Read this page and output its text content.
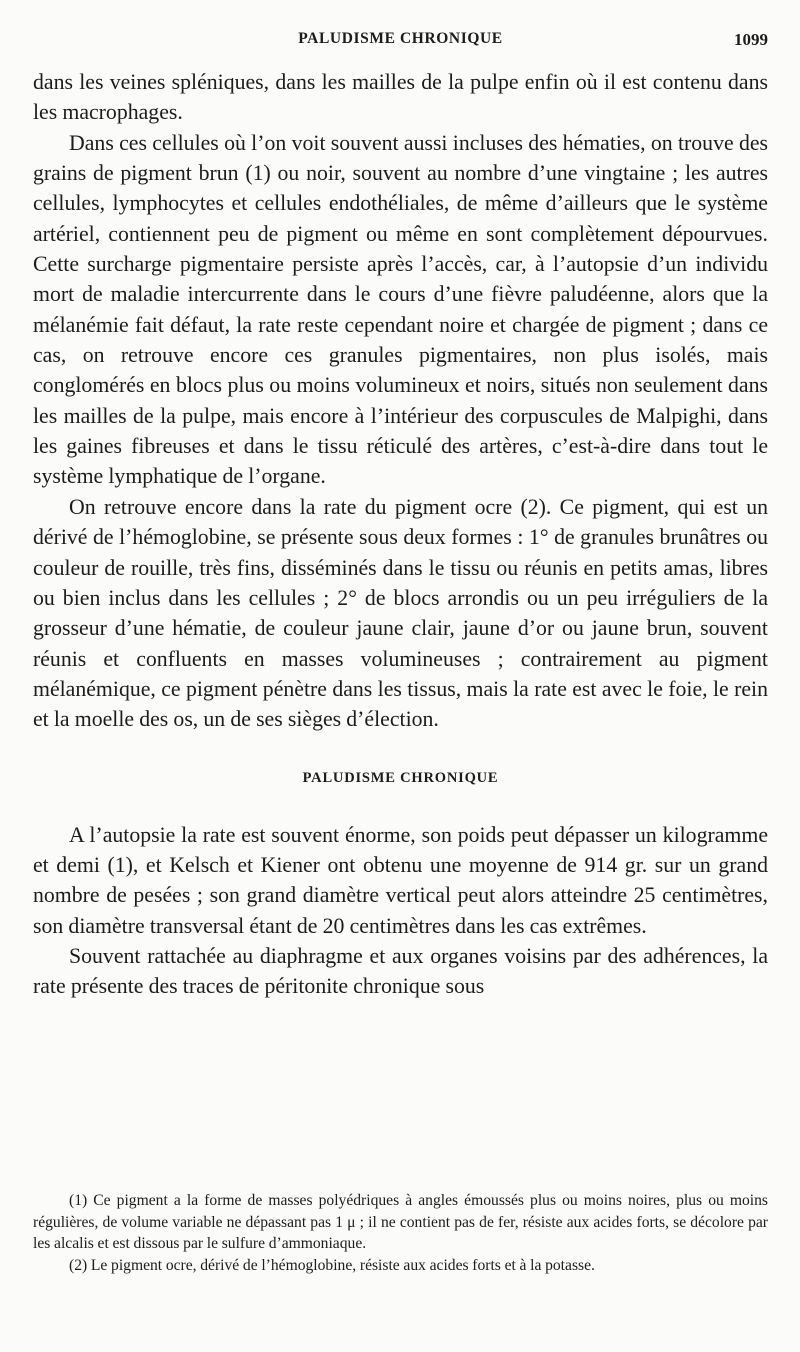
PALUDISME CHRONIQUE	1099

dans les veines spléniques, dans les mailles de la pulpe enfin où il est contenu dans les macrophages.

Dans ces cellules où l’on voit souvent aussi incluses des hématies, on trouve des grains de pigment brun (1) ou noir, souvent au nombre d’une vingtaine ; les autres cellules, lymphocytes et cellules endothéliales, de même d’ailleurs que le système artériel, contiennent peu de pigment ou même en sont complètement dépourvues. Cette surcharge pigmentaire persiste après l’accès, car, à l’autopsie d’un individu mort de maladie intercurrente dans le cours d’une fièvre paludéenne, alors que la mélanémie fait défaut, la rate reste cependant noire et chargée de pigment ; dans ce cas, on retrouve encore ces granules pigmentaires, non plus isolés, mais conglomérés en blocs plus ou moins volumineux et noirs, situés non seulement dans les mailles de la pulpe, mais encore à l’intérieur des corpuscules de Malpighi, dans les gaines fibreuses et dans le tissu réticulé des artères, c’est-à-dire dans tout le système lymphatique de l’organe.

On retrouve encore dans la rate du pigment ocre (2). Ce pigment, qui est un dérivé de l’hémoglobine, se présente sous deux formes : 1° de granules brunâtres ou couleur de rouille, très fins, disséminés dans le tissu ou réunis en petits amas, libres ou bien inclus dans les cellules ; 2° de blocs arrondis ou un peu irréguliers de la grosseur d’une hématie, de couleur jaune clair, jaune d’or ou jaune brun, souvent réunis et confluents en masses volumineuses ; contrairement au pigment mélanémique, ce pigment pénètre dans les tissus, mais la rate est avec le foie, le rein et la moelle des os, un de ses sièges d’élection.

PALUDISME CHRONIQUE

A l’autopsie la rate est souvent énorme, son poids peut dépasser un kilogramme et demi (1), et Kelsch et Kiener ont obtenu une moyenne de 914 gr. sur un grand nombre de pesées ; son grand diamètre vertical peut alors atteindre 25 centimètres, son diamètre transversal étant de 20 centimètres dans les cas extrêmes.

Souvent rattachée au diaphragme et aux organes voisins par des adhérences, la rate présente des traces de péritonite chronique sous

(1) Ce pigment a la forme de masses polyédriques à angles émoussés plus ou moins noires, plus ou moins régulières, de volume variable ne dépassant pas 1 μ ; il ne contient pas de fer, résiste aux acides forts, se décolore par les alcalis et est dissous par le sulfure d’ammoniaque.

(2) Le pigment ocre, dérivé de l’hémoglobine, résiste aux acides forts et à la potasse.
